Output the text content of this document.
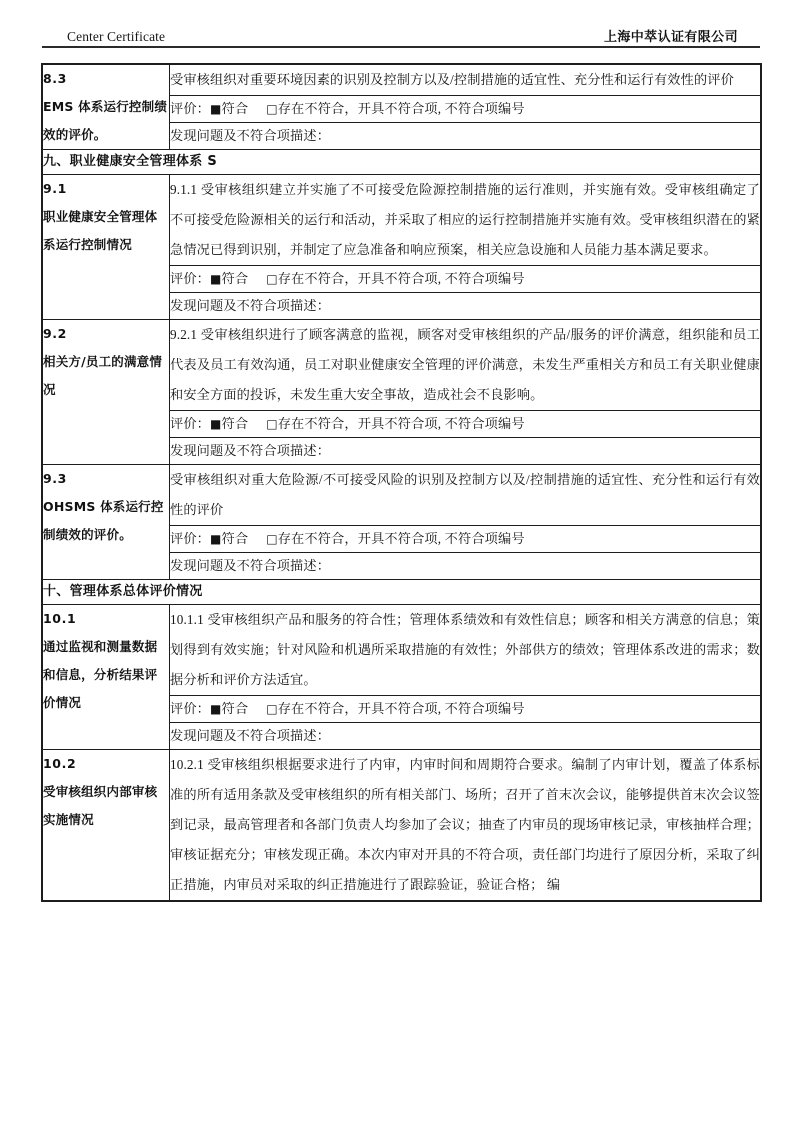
Center Certificate	上海中萃认证有限公司
8.3
EMS 体系运行控制绩效的评价。	受审核组织对重要环境因素的识别及控制方以及/控制措施的适宜性、充分性和运行有效性的评价
	评价：■符合 □存在不符合，开具不符合项, 不符合项编号
	发现问题及不符合项描述：
九、职业健康安全管理体系 S	

9.1
职业健康安全管理体系运行控制情况	9.1.1 受审核组织建立并实施了不可接受危险源控制措施的运行准则，并实施有效。受审核组确定了不可接受危险源相关的运行和活动，并采取了相应的运行控制措施并实施有效。受审核组织潜在的紧急情况已得到识别，并制定了应急准备和响应预案，相关应急设施和人员能力基本满足要求。
	评价：■符合 □存在不符合，开具不符合项, 不符合项编号
	发现问题及不符合项描述：

9.2
相关方/员工的满意情况	9.2.1 受审核组织进行了顾客满意的监视，顾客对受审核组织的产品/服务的评价满意，组织能和员工代表及员工有效沟通，员工对职业健康安全管理的评价满意，未发生严重相关方和员工有关职业健康和安全方面的投诉，未发生重大安全事故，造成社会不良影响。
	评价：■符合 □存在不符合，开具不符合项, 不符合项编号
	发现问题及不符合项描述：

9.3
OHSMS 体系运行控制绩效的评价。	受审核组织对重大危险源/不可接受风险的识别及控制方以及/控制措施的适宜性、充分性和运行有效性的评价
	评价：■符合 □存在不符合，开具不符合项, 不符合项编号
	发现问题及不符合项描述：
十、管理体系总体评价情况	

10.1
通过监视和测量数据和信息，分析结果评价情况	10.1.1 受审核组织产品和服务的符合性；管理体系绩效和有效性信息；顾客和相关方满意的信息；策划得到有效实施；针对风险和机遇所采取措施的有效性；外部供方的绩效；管理体系改进的需求；数据分析和评价方法适宜。
	评价：■符合 □存在不符合，开具不符合项, 不符合项编号
	发现问题及不符合项描述：

10.2
受审核组织内部审核实施情况	10.2.1 受审核组织根据要求进行了内审，内审时间和周期符合要求。编制了内审计划，覆盖了体系标准的所有适用条款及受审核组织的所有相关部门、场所；召开了首末次会议，能够提供首末次会议签到记录，最高管理者和各部门负责人均参加了会议；抽查了内审员的现场审核记录，审核抽样合理；审核证据充分；审核发现正确。本次内审对开具的不符合项，责任部门均进行了原因分析，采取了纠正措施，内审员对采取的纠正措施进行了跟踪验证，验证合格； 编
